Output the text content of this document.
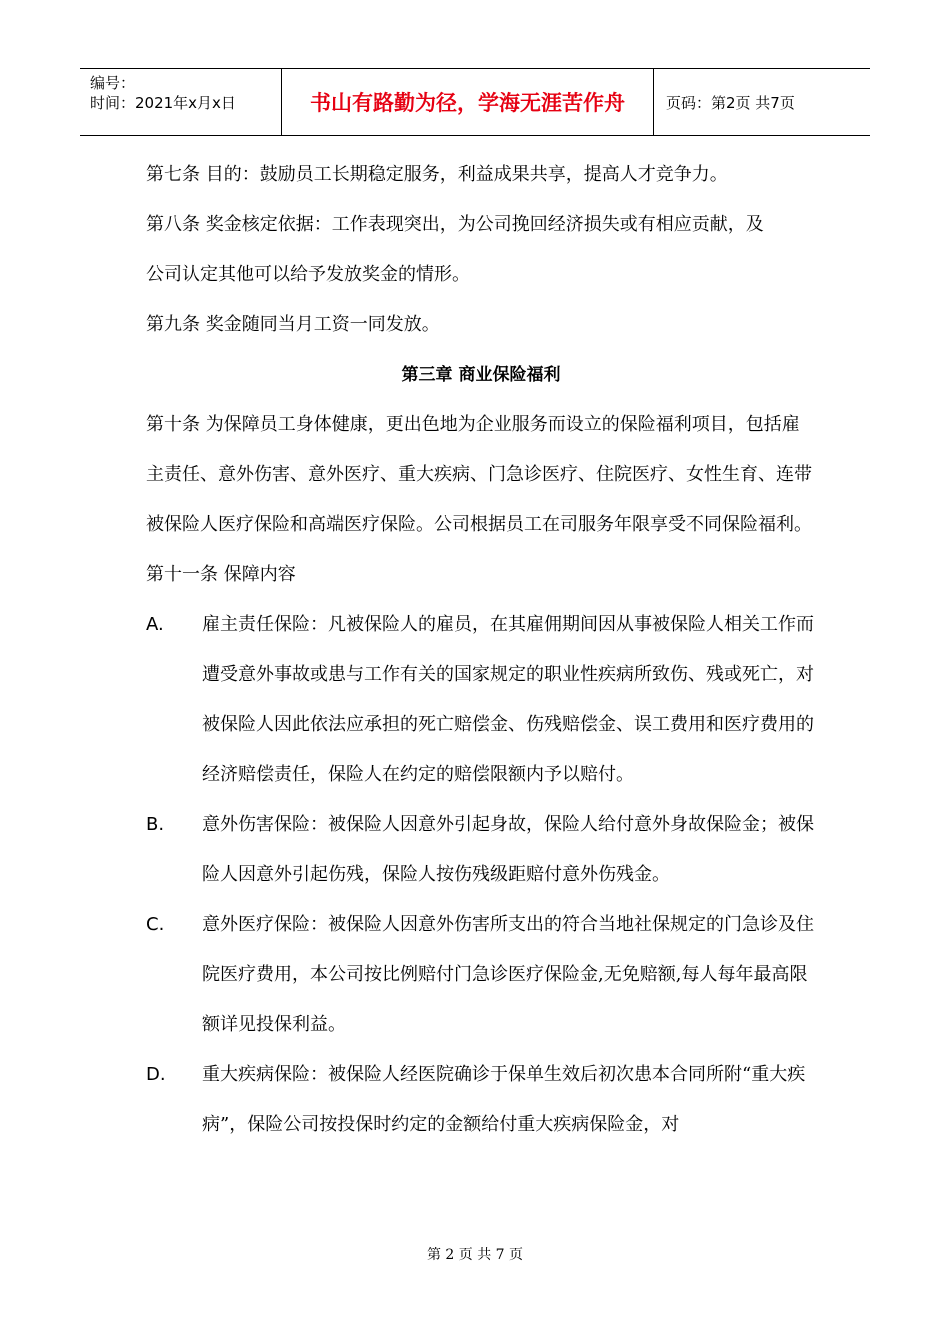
编号：
时间：2021年x月x日	书山有路勤为径，学海无涯苦作舟	页码：第2页 共7页

第七条 目的：鼓励员工长期稳定服务，利益成果共享，提高人才竞争力。

第八条 奖金核定依据：工作表现突出，为公司挽回经济损失或有相应贡献，及

公司认定其他可以给予发放奖金的情形。

第九条 奖金随同当月工资一同发放。

第三章 商业保险福利

第十条 为保障员工身体健康，更出色地为企业服务而设立的保险福利项目，包括雇主责任、意外伤害、意外医疗、重大疾病、门急诊医疗、住院医疗、女性生育、连带被保险人医疗保险和高端医疗保险。公司根据员工在司服务年限享受不同保险福利。

第十一条 保障内容

A.	雇主责任保险：凡被保险人的雇员，在其雇佣期间因从事被保险人相关工作而遭受意外事故或患与工作有关的国家规定的职业性疾病所致伤、残或死亡，对被保险人因此依法应承担的死亡赔偿金、伤残赔偿金、误工费用和医疗费用的经济赔偿责任，保险人在约定的赔偿限额内予以赔付。
B.	意外伤害保险：被保险人因意外引起身故，保险人给付意外身故保险金；被保险人因意外引起伤残，保险人按伤残级距赔付意外伤残金。
C.	意外医疗保险：被保险人因意外伤害所支出的符合当地社保规定的门急诊及住院医疗费用，本公司按比例赔付门急诊医疗保险金,无免赔额,每人每年最高限额详见投保利益。
D.	重大疾病保险：被保险人经医院确诊于保单生效后初次患本合同所附“重大疾病”，保险公司按投保时约定的金额给付重大疾病保险金，对
第 2 页 共 7 页
